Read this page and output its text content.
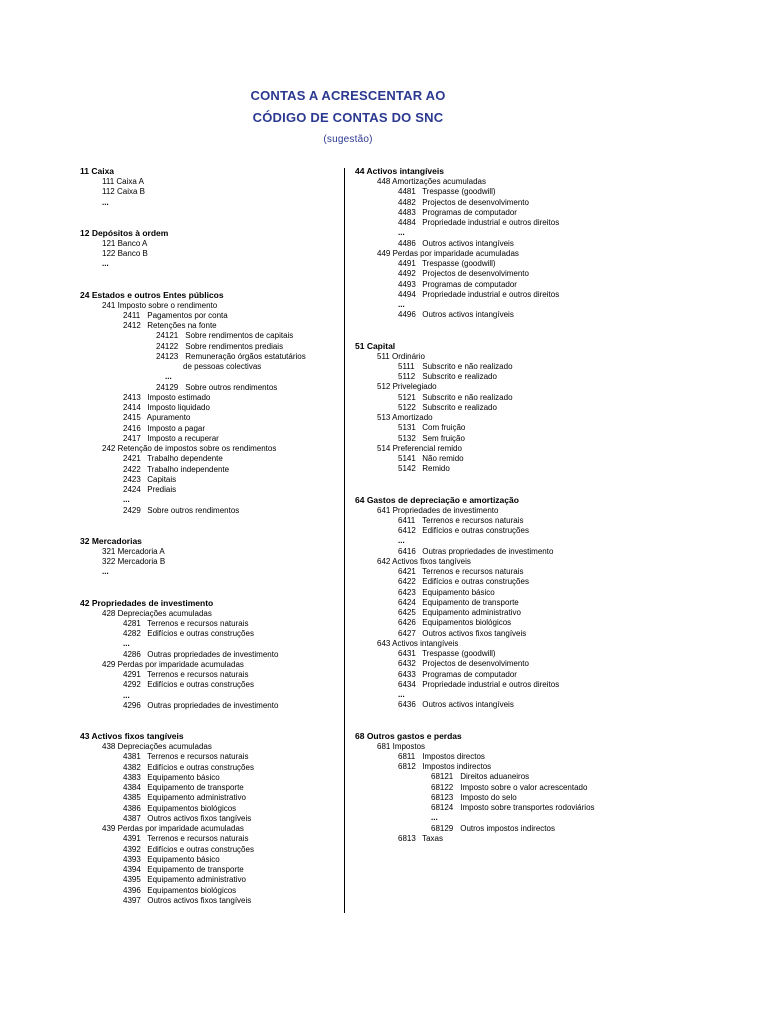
CONTAS A ACRESCENTAR AO
CÓDIGO DE CONTAS DO SNC
(sugestão)
11 Caixa
111 Caixa A
112 Caixa B
...
12 Depósitos à ordem
121 Banco A
122 Banco B
...
24 Estados e outros Entes públicos
241 Imposto sobre o rendimento
2411 Pagamentos por conta
2412 Retenções na fonte
24121 Sobre rendimentos de capitais
24122 Sobre rendimentos prediais
24123 Remuneração órgãos estatutários
de pessoas colectivas
...
24129 Sobre outros rendimentos
2413 Imposto estimado
2414 Imposto liquidado
2415 Apuramento
2416 Imposto a pagar
2417 Imposto a recuperar
242 Retenção de impostos sobre os rendimentos
2421 Trabalho dependente
2422 Trabalho independente
2423 Capitais
2424 Prediais
...
2429 Sobre outros rendimentos
32 Mercadorias
321 Mercadoria A
322 Mercadoria B
...
42 Propriedades de investimento
428 Depreciações acumuladas
4281 Terrenos e recursos naturais
4282 Edifícios e outras construções
...
4286 Outras propriedades de investimento
429 Perdas por imparidade acumuladas
4291 Terrenos e recursos naturais
4292 Edifícios e outras construções
...
4296 Outras propriedades de investimento
43 Activos fixos tangíveis
438 Depreciações acumuladas
4381 Terrenos e recursos naturais
4382 Edifícios e outras construções
4383 Equipamento básico
4384 Equipamento de transporte
4385 Equipamento administrativo
4386 Equipamentos biológicos
4387 Outros activos fixos tangíveis
439 Perdas por imparidade acumuladas
4391 Terrenos e recursos naturais
4392 Edifícios e outras construções
4393 Equipamento básico
4394 Equipamento de transporte
4395 Equipamento administrativo
4396 Equipamentos biológicos
4397 Outros activos fixos tangíveis
44 Activos intangíveis
448 Amortizações acumuladas
4481 Trespasse (goodwill)
4482 Projectos de desenvolvimento
4483 Programas de computador
4484 Propriedade industrial e outros direitos
...
4486 Outros activos intangíveis
449 Perdas por imparidade acumuladas
4491 Trespasse (goodwill)
4492 Projectos de desenvolvimento
4493 Programas de computador
4494 Propriedade industrial e outros direitos
...
4496 Outros activos intangíveis
51 Capital
511 Ordinário
5111 Subscrito e não realizado
5112 Subscrito e realizado
512 Privelegiado
5121 Subscrito e não realizado
5122 Subscrito e realizado
513 Amortizado
5131 Com fruição
5132 Sem fruição
514 Preferencial remido
5141 Não remido
5142 Remido
64 Gastos de depreciação e amortização
641 Propriedades de investimento
6411 Terrenos e recursos naturais
6412 Edifícios e outras construções
...
6416 Outras propriedades de investimento
642 Activos fixos tangíveis
6421 Terrenos e recursos naturais
6422 Edifícios e outras construções
6423 Equipamento básico
6424 Equipamento de transporte
6425 Equipamento administrativo
6426 Equipamentos biológicos
6427 Outros activos fixos tangíveis
643 Activos intangíveis
6431 Trespasse (goodwill)
6432 Projectos de desenvolvimento
6433 Programas de computador
6434 Propriedade industrial e outros direitos
...
6436 Outros activos intangíveis
68 Outros gastos e perdas
681 Impostos
6811 Impostos directos
6812 Impostos indirectos
68121 Direitos aduaneiros
68122 Imposto sobre o valor acrescentado
68123 Imposto do selo
68124 Imposto sobre transportes rodoviários
...
68129 Outros impostos indirectos
6813 Taxas
